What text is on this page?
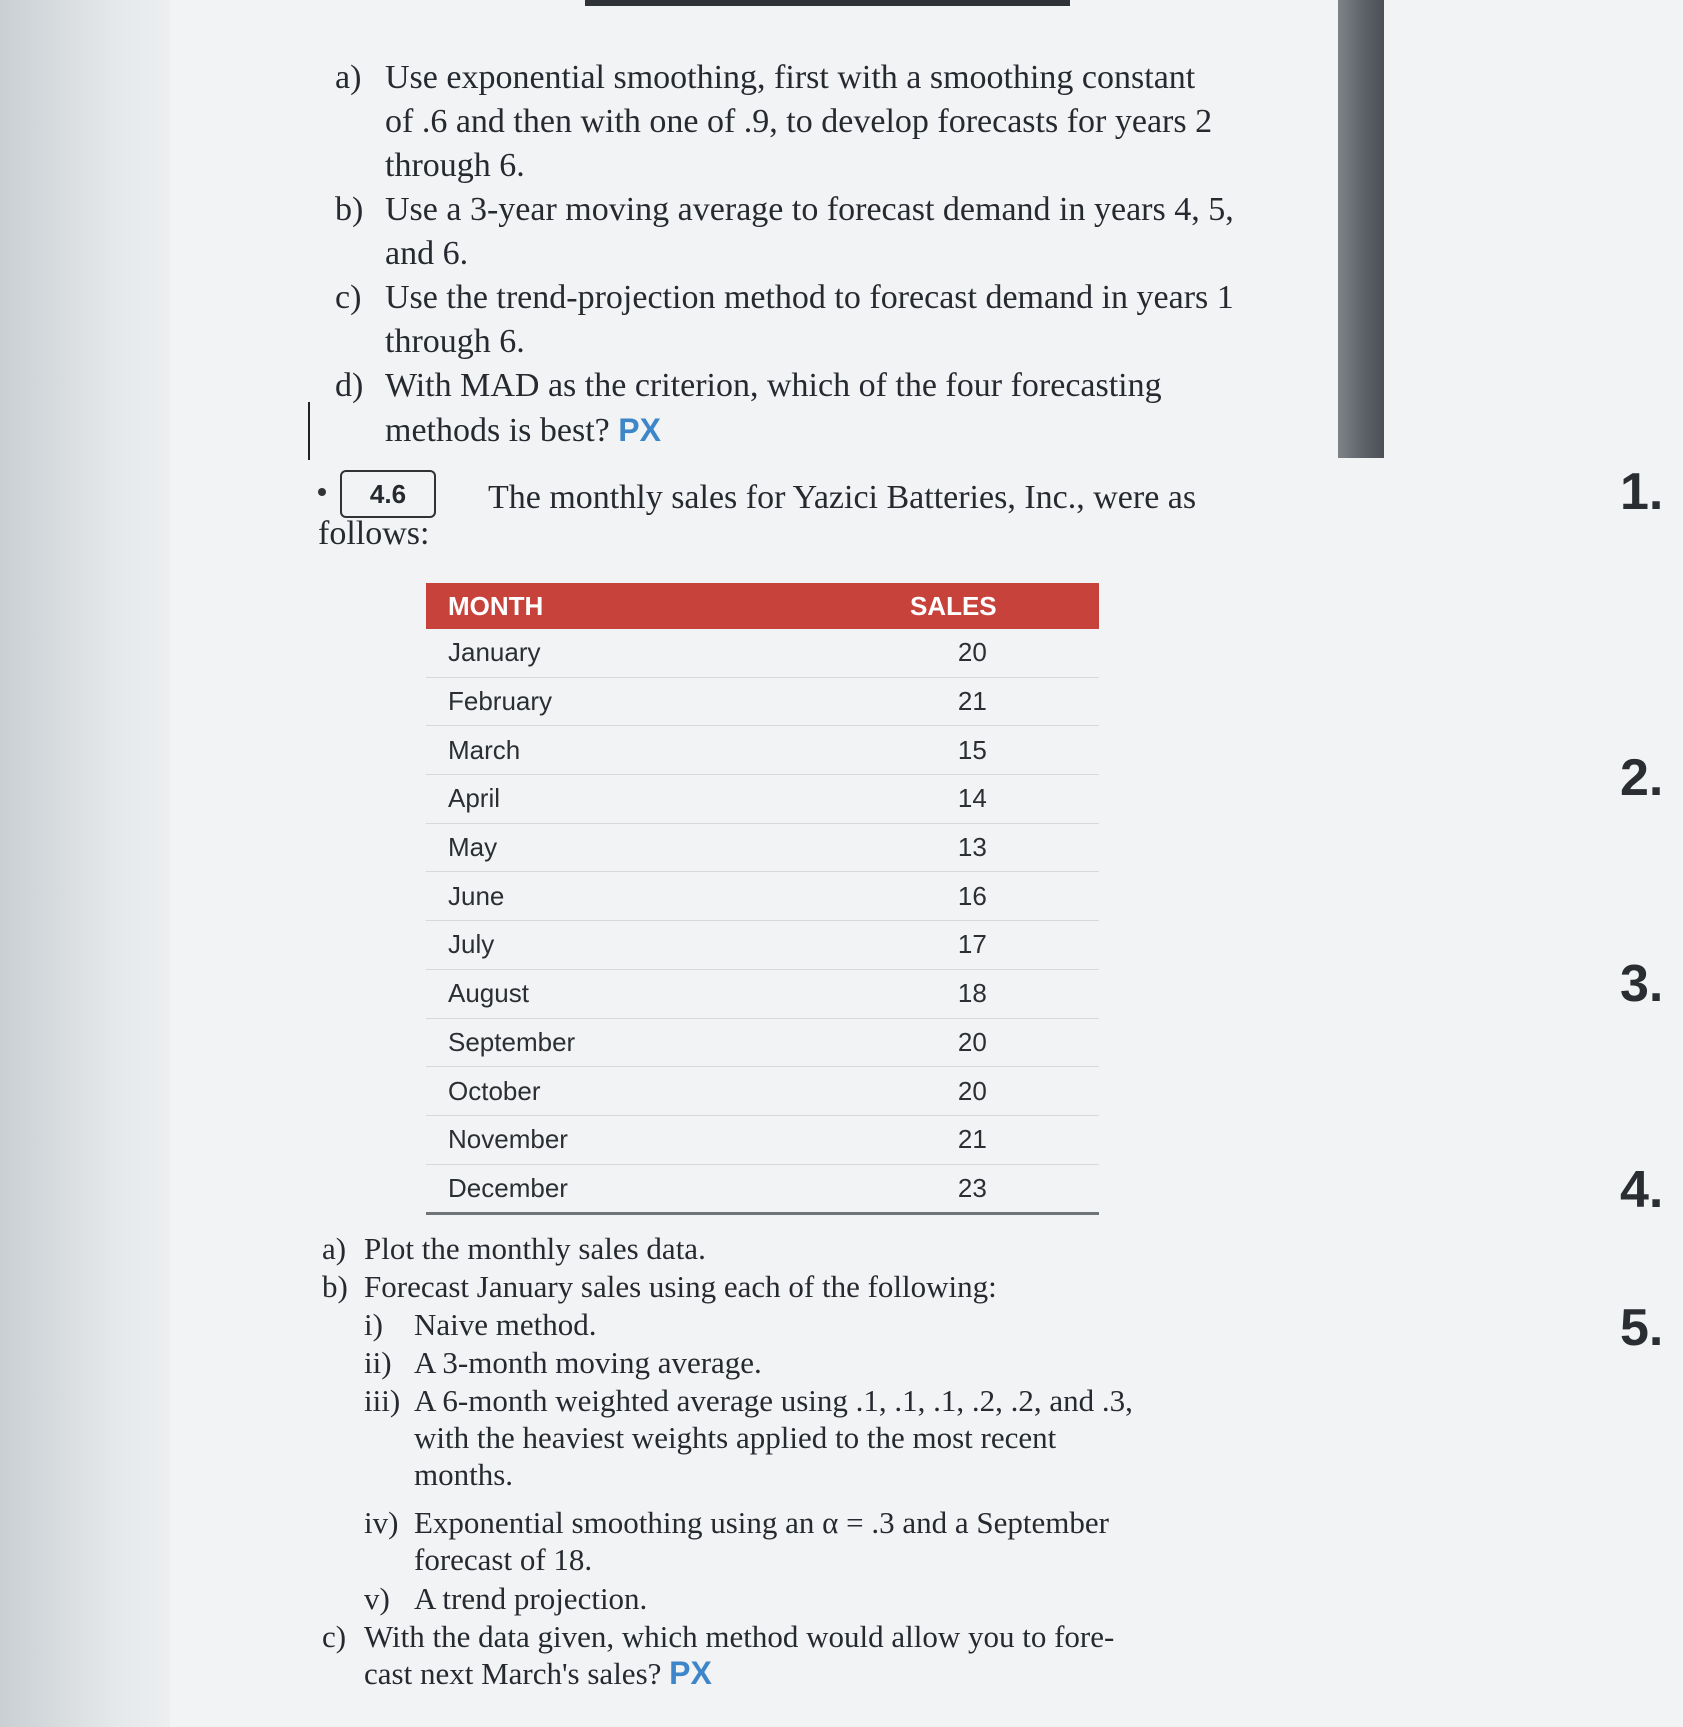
a) Use exponential smoothing, first with a smoothing constant
of .6 and then with one of .9, to develop forecasts for years 2
through 6.
b) Use a 3-year moving average to forecast demand in years 4, 5,
and 6.
c) Use the trend-projection method to forecast demand in years 1
through 6.
d) With MAD as the criterion, which of the four forecasting
methods is best? PX
4.6	The monthly sales for Yazici Batteries, Inc., were as
follows:
MONTH	SALES
January	20
February	21
March	15
April	14
May	13
June	16
July	17
August	18
September	20
October	20
November	21
December	23
a) Plot the monthly sales data.
b) Forecast January sales using each of the following:
i) Naive method.
ii) A 3-month moving average.
iii) A 6-month weighted average using .1, .1, .1, .2, .2, and .3,
with the heaviest weights applied to the most recent
months.
iv) Exponential smoothing using an α = .3 and a September
forecast of 18.
v) A trend projection.
c) With the data given, which method would allow you to fore-
cast next March's sales? PX
1.
2.
3.
4.
5.
